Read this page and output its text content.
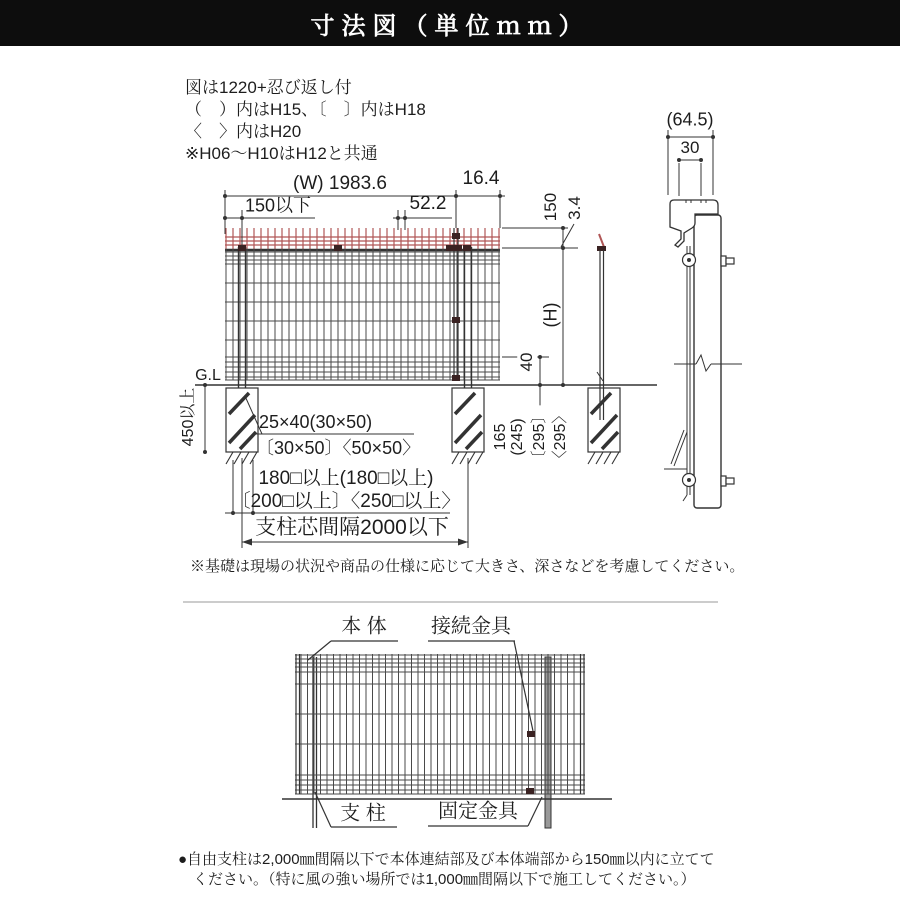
寸法図（単位ｍｍ）
図は1220+忍び返し付
（　）内はH15、〔　〕内はH18
〈　〉内はH20
※H06〜H10はH12と共通
(W) 1983.6	16.4
150以下	52.2	150 3.4
(H)
40
G.L
450以上	25×40(30×50)
〔30×50〕〈50×50〉	165 (245) 〔295〕 〈295〉
180□以上(180□以上)
〔200□以上〕〈250□以上〉
支柱芯間隔2000以下
(64.5)
30
※基礎は現場の状況や商品の仕様に応じて大きさ、深さなどを考慮してください。
本 体 接続金具
支 柱	固定金具
●自由支柱は2,000㎜間隔以下で本体連結部及び本体端部から150㎜以内に立てて
ください。（特に風の強い場所では1,000㎜間隔以下で施工してください。）
